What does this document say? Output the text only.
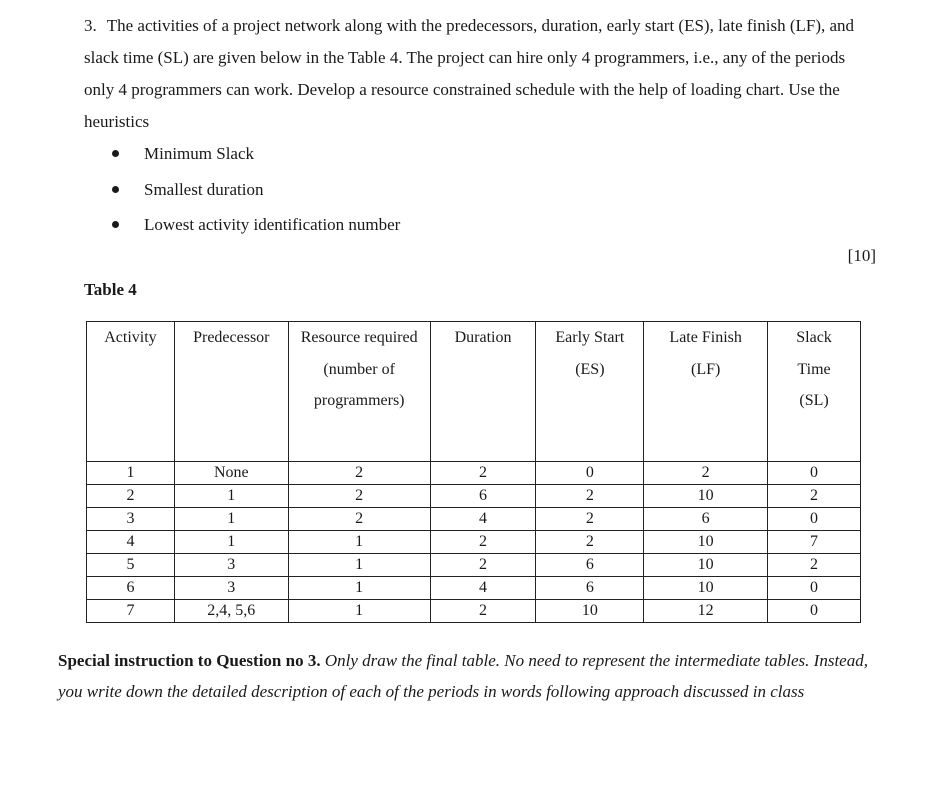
3. The activities of a project network along with the predecessors, duration, early start (ES), late finish (LF), and slack time (SL) are given below in the Table 4. The project can hire only 4 programmers, i.e., any of the periods only 4 programmers can work. Develop a resource constrained schedule with the help of loading chart. Use the heuristics

Minimum Slack
Smallest duration
Lowest activity identification number
[10]
Table 4
Activity	Predecessor	Resource required (number of programmers)	Duration	Early Start (ES)	Late Finish (LF)	Slack Time (SL)
1	None	2	2	0	2	0
2	1	2	6	2	10	2
3	1	2	4	2	6	0
4	1	1	2	2	10	7
5	3	1	2	6	10	2
6	3	1	4	6	10	0
7	2,4, 5,6	1	2	10	12	0

Special instruction to Question no 3. Only draw the final table. No need to represent the intermediate tables. Instead, you write down the detailed description of each of the periods in words following approach discussed in class
